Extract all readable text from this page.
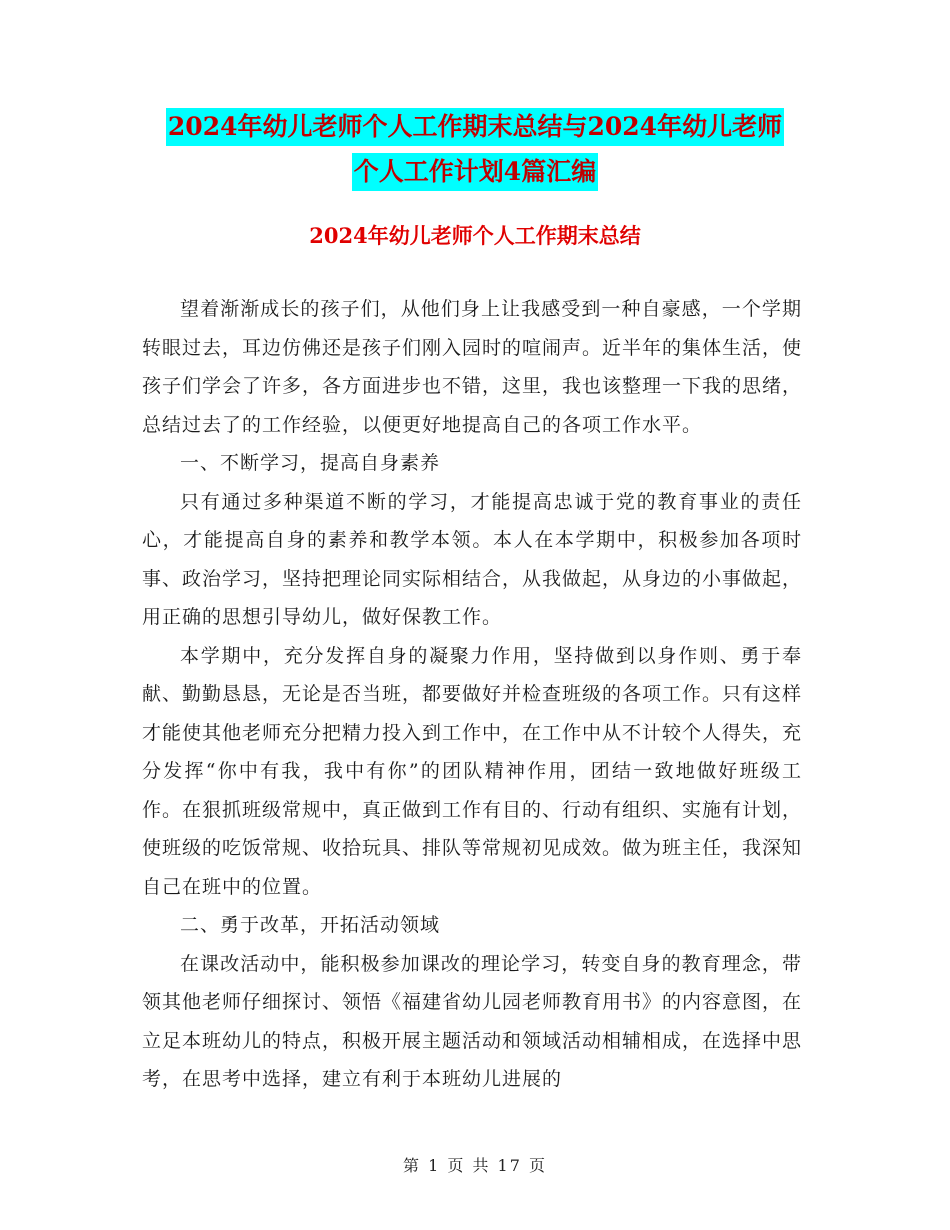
2024年幼儿老师个人工作期末总结与2024年幼儿老师
个人工作计划4篇汇编
2024年幼儿老师个人工作期末总结

望着渐渐成长的孩子们，从他们身上让我感受到一种自豪感，一个学期转眼过去，耳边仿佛还是孩子们刚入园时的喧闹声。近半年的集体生活，使孩子们学会了许多，各方面进步也不错，这里，我也该整理一下我的思绪，总结过去了的工作经验，以便更好地提高自己的各项工作水平。

一、不断学习，提高自身素养

只有通过多种渠道不断的学习，才能提高忠诚于党的教育事业的责任心，才能提高自身的素养和教学本领。本人在本学期中，积极参加各项时事、政治学习，坚持把理论同实际相结合，从我做起，从身边的小事做起，用正确的思想引导幼儿，做好保教工作。

本学期中，充分发挥自身的凝聚力作用，坚持做到以身作则、勇于奉献、勤勤恳恳，无论是否当班，都要做好并检查班级的各项工作。只有这样才能使其他老师充分把精力投入到工作中，在工作中从不计较个人得失，充分发挥“你中有我，我中有你”的团队精神作用，团结一致地做好班级工作。在狠抓班级常规中，真正做到工作有目的、行动有组织、实施有计划，使班级的吃饭常规、收拾玩具、排队等常规初见成效。做为班主任，我深知自己在班中的位置。

二、勇于改革，开拓活动领域

在课改活动中，能积极参加课改的理论学习，转变自身的教育理念，带领其他老师仔细探讨、领悟《福建省幼儿园老师教育用书》的内容意图，在立足本班幼儿的特点，积极开展主题活动和领域活动相辅相成，在选择中思考，在思考中选择，建立有利于本班幼儿进展的

第 1 页 共 17 页
